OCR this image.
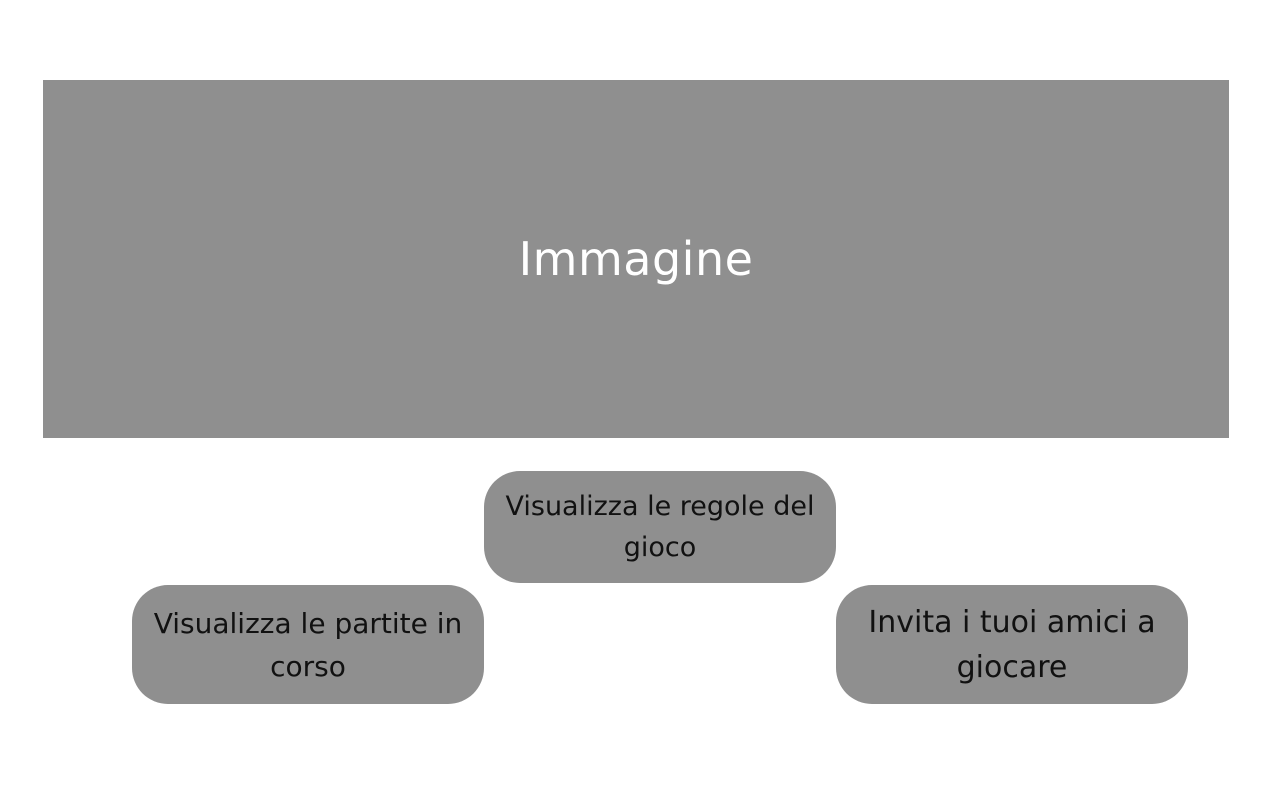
Immagine
Visualizza le regole del gioco
Visualizza le partite in corso
Invita i tuoi amici a giocare
